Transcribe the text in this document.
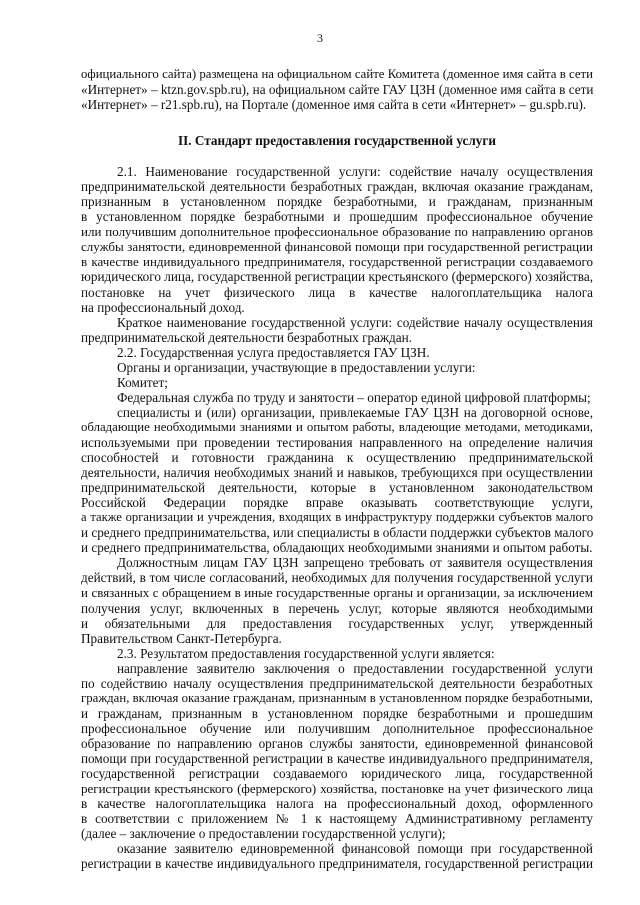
3
официального сайта) размещена на официальном сайте Комитета (доменное имя сайта в сети
«Интернет» – ktzn.gov.spb.ru), на официальном сайте ГАУ ЦЗН (доменное имя сайта в сети
«Интернет» – r21.spb.ru), на Портале (доменное имя сайта в сети «Интернет» – gu.spb.ru).
II. Стандарт предоставления государственной услуги
2.1. Наименование государственной услуги: содействие началу осуществления
предпринимательской деятельности безработных граждан, включая оказание гражданам,
признанным в установленном порядке безработными, и гражданам, признанным
в установленном порядке безработными и прошедшим профессиональное обучение
или получившим дополнительное профессиональное образование по направлению органов
службы занятости, единовременной финансовой помощи при государственной регистрации
в качестве индивидуального предпринимателя, государственной регистрации создаваемого
юридического лица, государственной регистрации крестьянского (фермерского) хозяйства,
постановке на учет физического лица в качестве налогоплательщика налога
на профессиональный доход.
Краткое наименование государственной услуги: содействие началу осуществления
предпринимательской деятельности безработных граждан.
2.2. Государственная услуга предоставляется ГАУ ЦЗН.
Органы и организации, участвующие в предоставлении услуги:
Комитет;
Федеральная служба по труду и занятости – оператор единой цифровой платформы;
специалисты и (или) организации, привлекаемые ГАУ ЦЗН на договорной основе,
обладающие необходимыми знаниями и опытом работы, владеющие методами, методиками,
используемыми при проведении тестирования направленного на определение наличия
способностей и готовности гражданина к осуществлению предпринимательской
деятельности, наличия необходимых знаний и навыков, требующихся при осуществлении
предпринимательской деятельности, которые в установленном законодательством
Российской Федерации порядке вправе оказывать соответствующие услуги,
а также организации и учреждения, входящих в инфраструктуру поддержки субъектов малого
и среднего предпринимательства, или специалисты в области поддержки субъектов малого
и среднего предпринимательства, обладающих необходимыми знаниями и опытом работы.
Должностным лицам ГАУ ЦЗН запрещено требовать от заявителя осуществления
действий, в том числе согласований, необходимых для получения государственной услуги
и связанных с обращением в иные государственные органы и организации, за исключением
получения услуг, включенных в перечень услуг, которые являются необходимыми
и обязательными для предоставления государственных услуг, утвержденный
Правительством Санкт-Петербурга.
2.3. Результатом предоставления государственной услуги является:
направление заявителю заключения о предоставлении государственной услуги
по содействию началу осуществления предпринимательской деятельности безработных
граждан, включая оказание гражданам, признанным в установленном порядке безработными,
и гражданам, признанным в установленном порядке безработными и прошедшим
профессиональное обучение или получившим дополнительное профессиональное
образование по направлению органов службы занятости, единовременной финансовой
помощи при государственной регистрации в качестве индивидуального предпринимателя,
государственной регистрации создаваемого юридического лица, государственной
регистрации крестьянского (фермерского) хозяйства, постановке на учет физического лица
в качестве налогоплательщика налога на профессиональный доход, оформленного
в соответствии с приложением № 1 к настоящему Административному регламенту
(далее – заключение о предоставлении государственной услуги);
оказание заявителю единовременной финансовой помощи при государственной
регистрации в качестве индивидуального предпринимателя, государственной регистрации
